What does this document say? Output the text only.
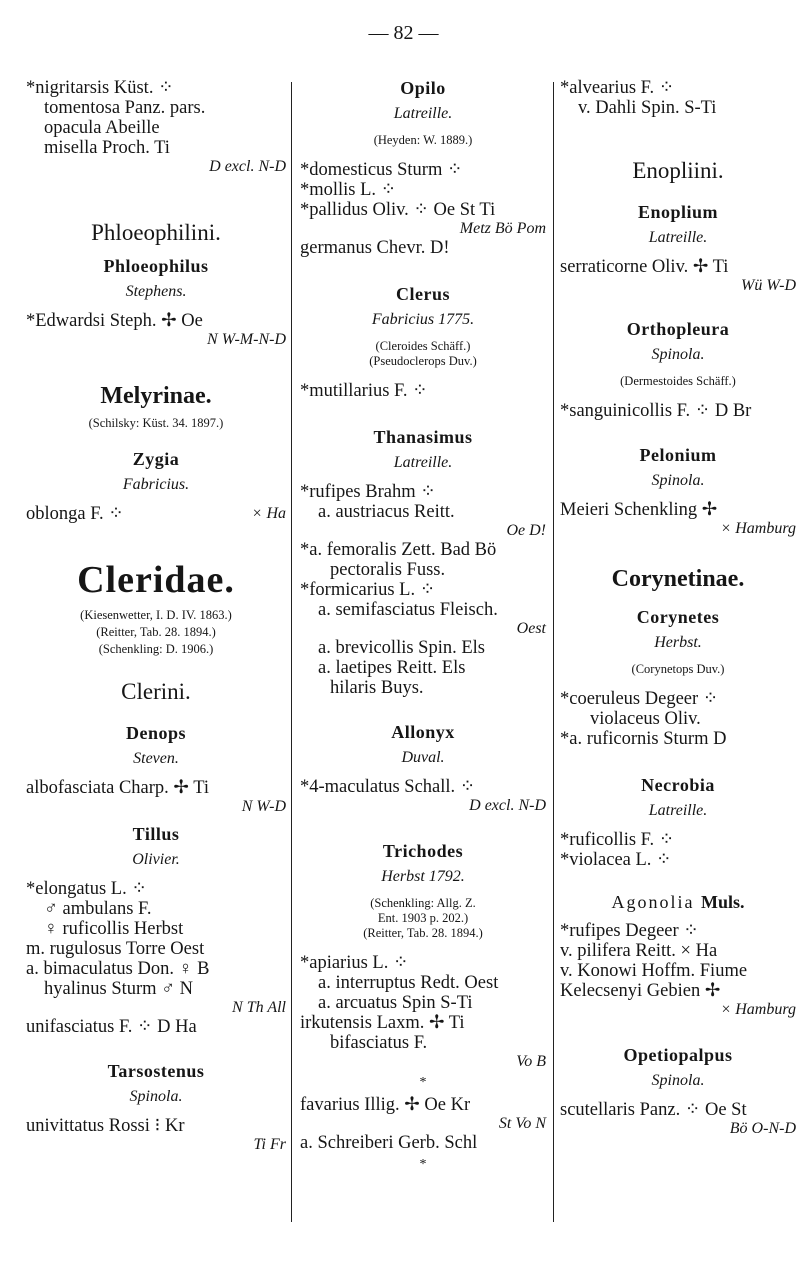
— 82 —
*nigritarsis Küst. ⁘
tomentosa Panz. pars.
opacula Abeille
misella Proch. Ti
D excl. N-D
Phloeophilini.
Phloeophilus
Stephens.
*Edwardsi Steph. ✢ Oe
N W-M-N-D
Melyrinae.
(Schilsky: Küst. 34. 1897.)
Zygia
Fabricius.
oblonga F. ⁘	× Ha
Cleridae.
(Kiesenwetter, I. D. IV. 1863.)
(Reitter, Tab. 28. 1894.)
(Schenkling: D. 1906.)
Clerini.
Denops
Steven.
albofasciata Charp. ✢ Ti
N W-D
Tillus
Olivier.
*elongatus L. ⁘
♂ ambulans F.
♀ ruficollis Herbst
m. rugulosus Torre Oest
a. bimaculatus Don. ♀ B
hyalinus Sturm ♂ N
N Th All
unifasciatus F. ⁘ D Ha
Tarsostenus
Spinola.
univittatus Rossi ⁝ Kr
Ti Fr
Opilo
Latreille.
(Heyden: W. 1889.)
*domesticus Sturm ⁘
*mollis L. ⁘
*pallidus Oliv. ⁘ Oe St Ti
Metz Bö Pom
germanus Chevr. D!
Clerus
Fabricius 1775.
(Cleroides Schäff.)
(Pseudoclerops Duv.)
*mutillarius F. ⁘
Thanasimus
Latreille.
*rufipes Brahm ⁘
a. austriacus Reitt.
Oe D!
*a. femoralis Zett. Bad Bö
pectoralis Fuss.
*formicarius L. ⁘
a. semifasciatus Fleisch.
Oest
a. brevicollis Spin. Els
a. laetipes Reitt. Els
hilaris Buys.
Allonyx
Duval.
*4-maculatus Schall. ⁘
D excl. N-D
Trichodes
Herbst 1792.
(Schenkling: Allg. Z.
Ent. 1903 p. 202.)
(Reitter, Tab. 28. 1894.)
*apiarius L. ⁘
a. interruptus Redt. Oest
a. arcuatus Spin S-Ti
irkutensis Laxm. ✢ Ti
bifasciatus F.
Vo B
*
favarius Illig. ✢ Oe Kr
St Vo N
a. Schreiberi Gerb. Schl
*
*alvearius F. ⁘
v. Dahli Spin. S-Ti
Enopliini.
Enoplium
Latreille.
serraticorne Oliv. ✢ Ti
Wü W-D
Orthopleura
Spinola.
(Dermestoides Schäff.)
*sanguinicollis F. ⁘ D Br
Pelonium
Spinola.
Meieri Schenkling ✢
× Hamburg
Corynetinae.
Corynetes
Herbst.
(Corynetops Duv.)
*coeruleus Degeer ⁘
violaceus Oliv.
*a. ruficornis Sturm D
Necrobia
Latreille.
*ruficollis F. ⁘
*violacea L. ⁘
Agonolia Muls.
*rufipes Degeer ⁘
v. pilifera Reitt. × Ha
v. Konowi Hoffm. Fiume
Kelecsenyi Gebien ✢
× Hamburg
Opetiopalpus
Spinola.
scutellaris Panz. ⁘ Oe St
Bö O-N-D
